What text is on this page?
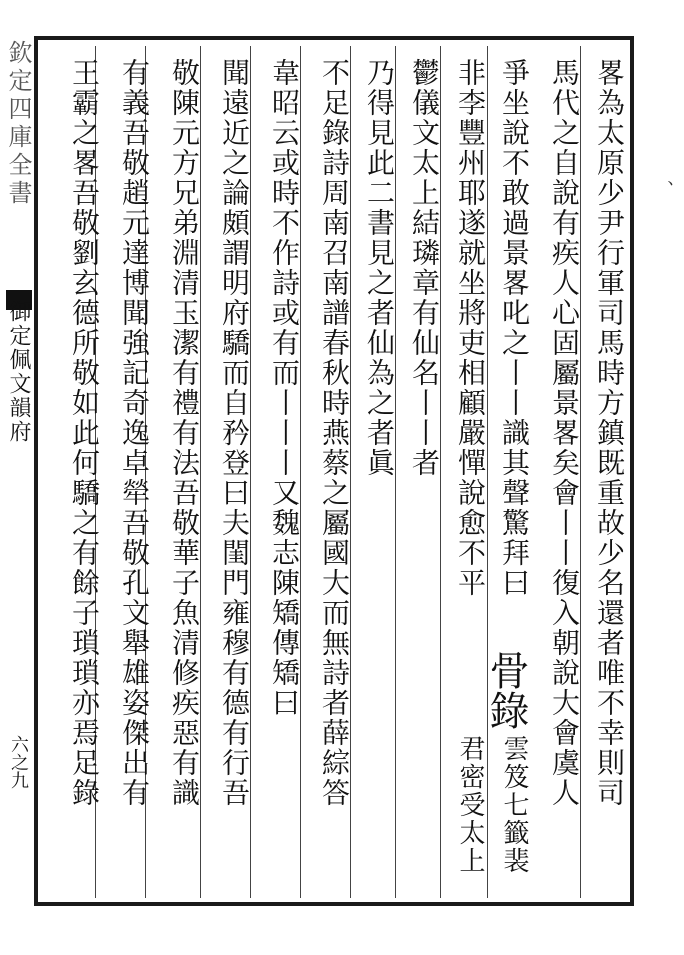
欽定四庫全書
御定佩文韻府
六之九	畧為太原少尹行軍司馬時方鎮既重故少名還者唯不幸則司
馬代之自說有疾人心固屬景畧矣會丨丨復入朝說大會虞人
爭坐說不敢過景畧叱之丨丨識其聲驚拜曰
非李豐州耶遂就坐將吏相顧嚴憚說愈不平
骨錄
雲笈七籤裴
君密受太上
鬱儀文太上結璘章有仙名丨丨者
乃得見此二書見之者仙為之者眞
不足錄詩周南召南譜春秋時燕蔡之屬國大而無詩者薛綜答
韋昭云或時不作詩或有而丨丨丨又魏志陳矯傳矯曰
聞遠近之論頗謂明府驕而自矜登曰夫閨門雍穆有德有行吾
敬陳元方兄弟淵清玉潔有禮有法吾敬華子魚清修疾惡有識
有義吾敬趙元達博聞強記奇逸卓犖吾敬孔文舉雄姿傑出有
王霸之畧吾敬劉玄德所敬如此何驕之有餘子瑣瑣亦焉足錄	、
